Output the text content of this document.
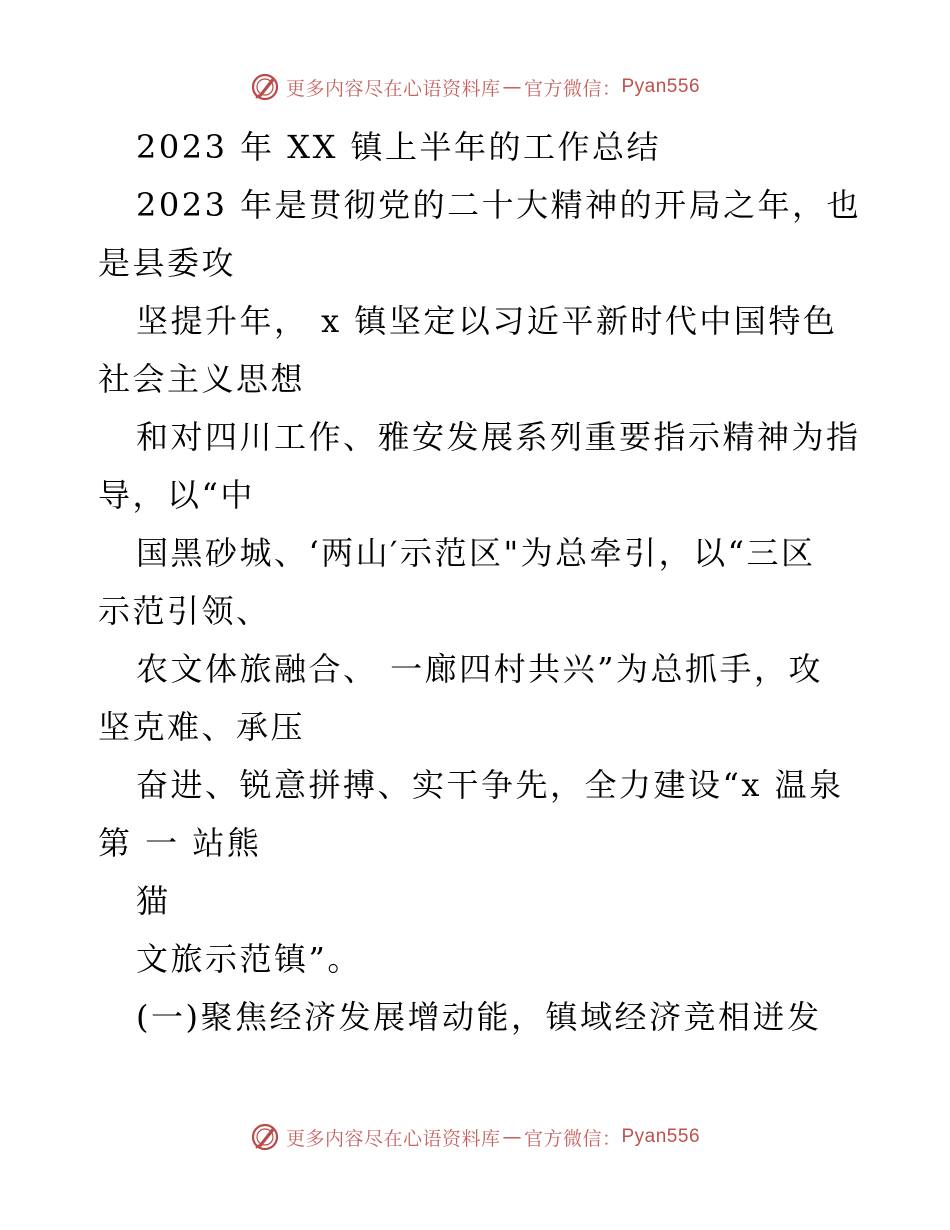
更多内容尽在心语资料库 — 官方微信： Pyan556
2023 年 XX 镇上半年的工作总结
2023 年是贯彻党的二十大精神的开局之年，也
是县委攻
坚提升年， x 镇坚定以习近平新时代中国特色
社会主义思想
和对四川工作、雅安发展系列重要指示精神为指
导，以“中
国黑砂城、‘两山′示范区"为总牵引，以“三区
示范引领、
农文体旅融合、 一廊四村共兴”为总抓手，攻
坚克难、承压
奋进、锐意拼搏、实干争先，全力建设“x 温泉
第 一 站熊
猫
文旅示范镇”。
(一)聚焦经济发展增动能，镇域经济竞相迸发
更多内容尽在心语资料库 — 官方微信： Pyan556
